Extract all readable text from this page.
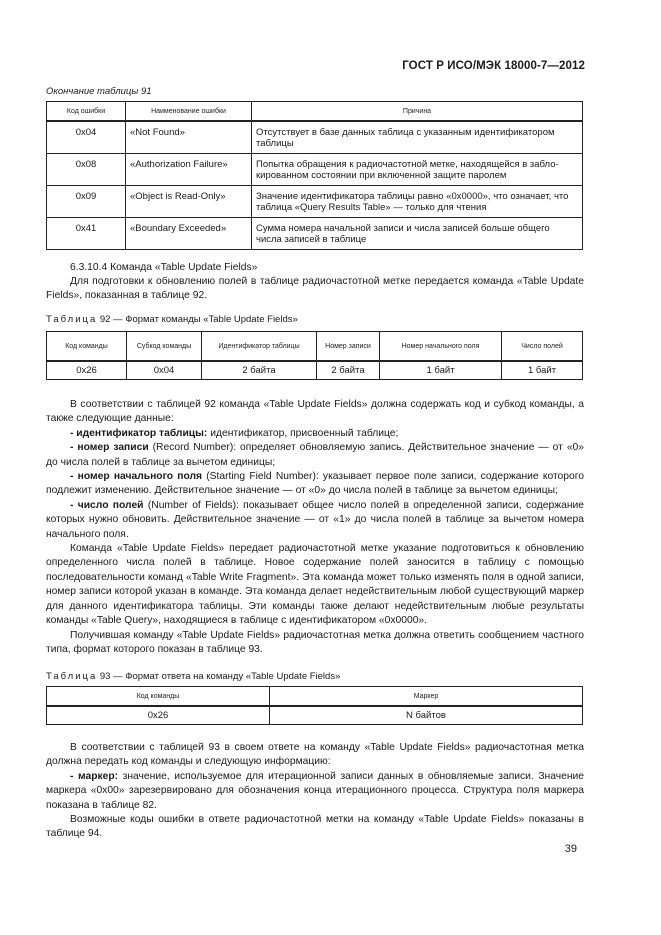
ГОСТ Р ИСО/МЭК 18000-7—2012
Окончание таблицы 91
Код ошибки	Наименование ошибки	Причина
0x04	«Not Found»	Отсутствует в базе данных таблица с указанным идентификатором таблицы
0x08	«Authorization Failure»	Попытка обращения к радиочастотной метке, находящейся в забло-кированном состоянии при включенной защите паролем
0x09	«Object is Read-Only»	Значение идентификатора таблицы равно «0x0000», что означает, что таблица «Query Results Table» — только для чтения
0x41	«Boundary Exceeded»	Сумма номера начальной записи и числа записей больше общего числа записей в таблице
6.3.10.4 Команда «Table Update Fields»

Для подготовки к обновлению полей в таблице радиочастотной метке передается команда «Table Update Fields», показанная в таблице 92.

Таблица 92 — Формат команды «Table Update Fields»
Код команды	Субкод команды	Идентификатор таблицы	Номер записи	Номер начального поля	Число полей
0x26	0x04	2 байта	2 байта	1 байт	1 байт

В соответствии с таблицей 92 команда «Table Update Fields» должна содержать код и субкод команды, а также следующие данные:

- идентификатор таблицы: идентификатор, присвоенный таблице;

- номер записи (Record Number): определяет обновляемую запись. Действительное значение — от «0» до числа полей в таблице за вычетом единицы;

- номер начального поля (Starting Field Number): указывает первое поле записи, содержание которого подлежит изменению. Действительное значение — от «0» до числа полей в таблице за вычетом единицы;

- число полей (Number of Fields): показывает общее число полей в определенной записи, содержание которых нужно обновить. Действительное значение — от «1» до числа полей в таблице за вычетом номера начального поля.

Команда «Table Update Fields» передает радиочастотной метке указание подготовиться к обновлению определенного числа полей в таблице. Новое содержание полей заносится в таблицу с помощью последовательности команд «Table Write Fragment». Эта команда может только изменять поля в одной записи, номер записи которой указан в команде. Эта команда делает недействительным любой существующий маркер для данного идентификатора таблицы. Эти команды также делают недействительным любые результаты команды «Table Query», находящиеся в таблице с идентификатором «0x0000».

Получившая команду «Table Update Fields» радиочастотная метка должна ответить сообщением частного типа, формат которого показан в таблице 93.

Таблица 93 — Формат ответа на команду «Table Update Fields»
Код команды	Маркер
0x26	N байтов

В соответствии с таблицей 93 в своем ответе на команду «Table Update Fields» радиочастотная метка должна передать код команды и следующую информацию:

- маркер: значение, используемое для итерационной записи данных в обновляемые записи. Значение маркера «0x00» зарезервировано для обозначения конца итерационного процесса. Структура поля маркера показана в таблице 82.

Возможные коды ошибки в ответе радиочастотной метки на команду «Table Update Fields» показаны в таблице 94.

39
